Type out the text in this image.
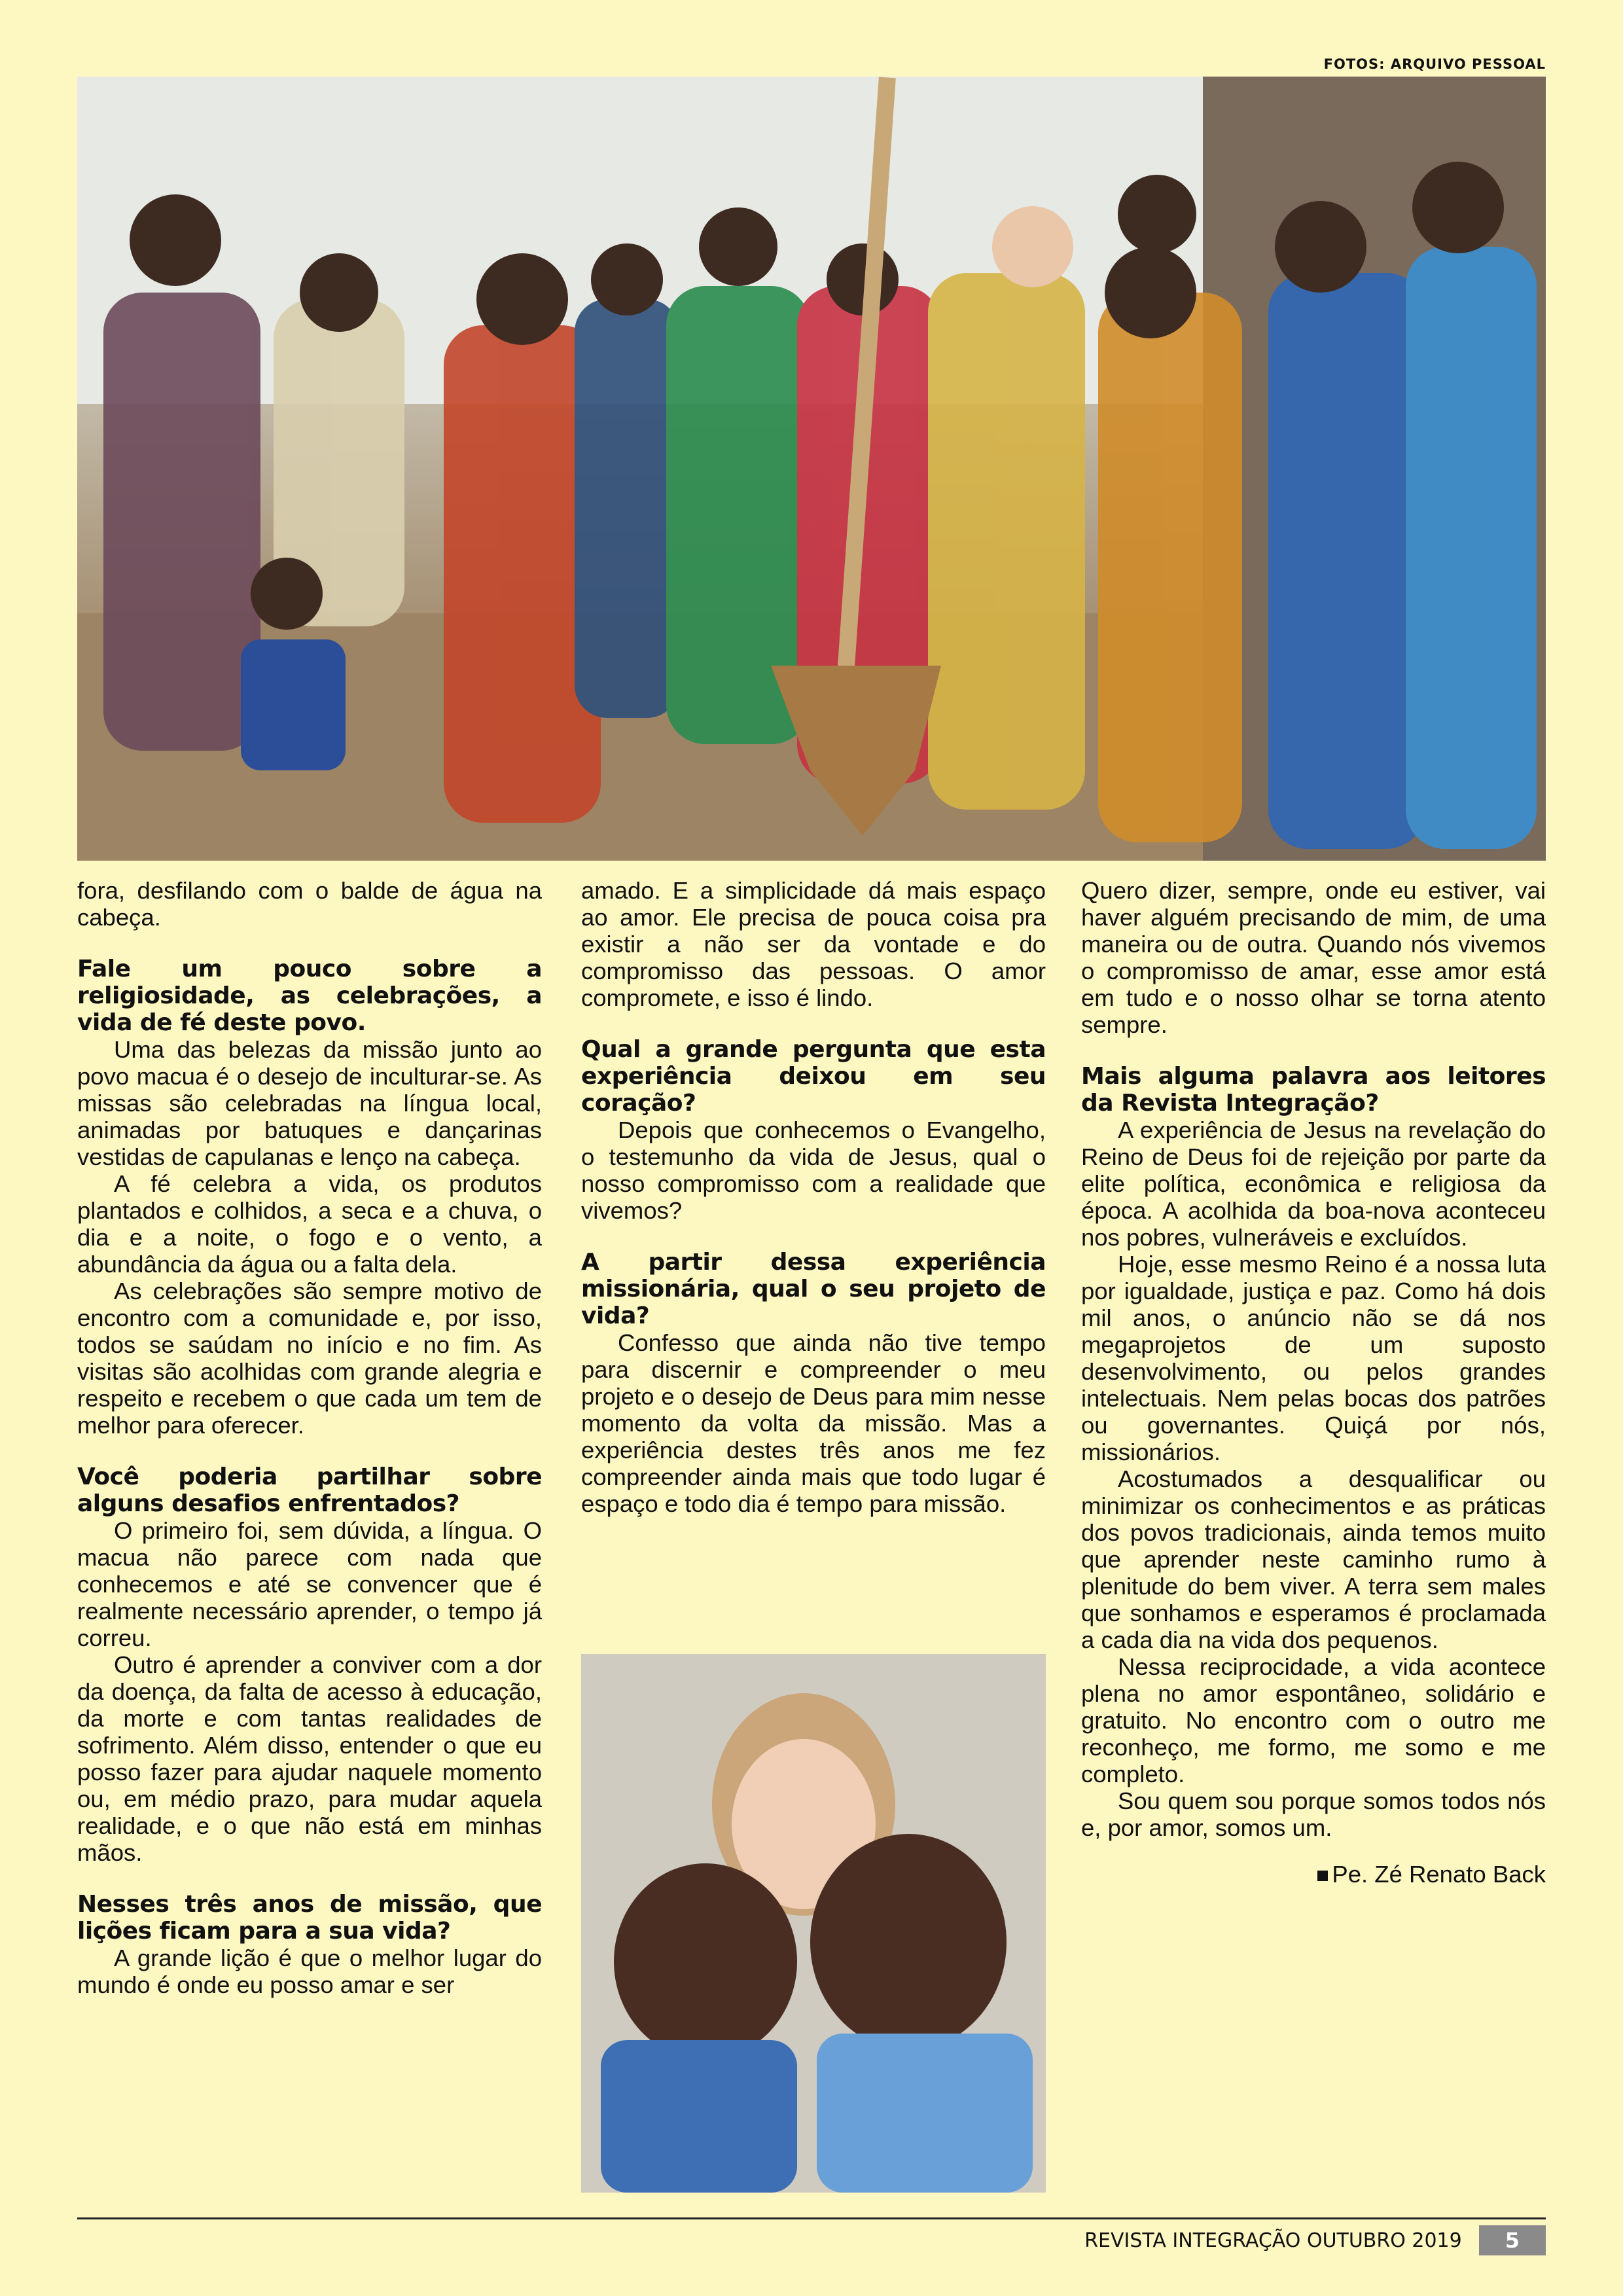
FOTOS: ARQUIVO PESSOAL

fora, desfilando com o balde de água na cabeça.

Fale um pouco sobre a religiosidade, as celebrações, a vida de fé deste povo.

Uma das belezas da missão junto ao povo macua é o desejo de inculturar-se. As missas são celebradas na língua local, animadas por batuques e dançarinas vestidas de capulanas e lenço na cabeça.

A fé celebra a vida, os produtos plantados e colhidos, a seca e a chuva, o dia e a noite, o fogo e o vento, a abundância da água ou a falta dela.

As celebrações são sempre motivo de encontro com a comunidade e, por isso, todos se saúdam no início e no fim. As visitas são acolhidas com grande alegria e respeito e recebem o que cada um tem de melhor para oferecer.

Você poderia partilhar sobre alguns desafios enfrentados?

O primeiro foi, sem dúvida, a língua. O macua não parece com nada que conhecemos e até se convencer que é realmente necessário aprender, o tempo já correu.

Outro é aprender a conviver com a dor da doença, da falta de acesso à educação, da morte e com tantas realidades de sofrimento. Além disso, entender o que eu posso fazer para ajudar naquele momento ou, em médio prazo, para mudar aquela realidade, e o que não está em minhas mãos.

Nesses três anos de missão, que lições ficam para a sua vida?

A grande lição é que o melhor lugar do mundo é onde eu posso amar e ser

amado. E a simplicidade dá mais espaço ao amor. Ele precisa de pouca coisa pra existir a não ser da vontade e do compromisso das pessoas. O amor compromete, e isso é lindo.

Qual a grande pergunta que esta experiência deixou em seu coração?

Depois que conhecemos o Evangelho, o testemunho da vida de Jesus, qual o nosso compromisso com a realidade que vivemos?

A partir dessa experiência missionária, qual o seu projeto de vida?

Confesso que ainda não tive tempo para discernir e compreender o meu projeto e o desejo de Deus para mim nesse momento da volta da missão. Mas a experiência destes três anos me fez compreender ainda mais que todo lugar é espaço e todo dia é tempo para missão.

Quero dizer, sempre, onde eu estiver, vai haver alguém precisando de mim, de uma maneira ou de outra. Quando nós vivemos o compromisso de amar, esse amor está em tudo e o nosso olhar se torna atento sempre.

Mais alguma palavra aos leitores da Revista Integração?

A experiência de Jesus na revelação do Reino de Deus foi de rejeição por parte da elite política, econômica e religiosa da época. A acolhida da boa-nova aconteceu nos pobres, vulneráveis e excluídos.

Hoje, esse mesmo Reino é a nossa luta por igualdade, justiça e paz. Como há dois mil anos, o anúncio não se dá nos megaprojetos de um suposto desenvolvimento, ou pelos grandes intelectuais. Nem pelas bocas dos patrões ou governantes. Quiçá por nós, missionários.

Acostumados a desqualificar ou minimizar os conhecimentos e as práticas dos povos tradicionais, ainda temos muito que aprender neste caminho rumo à plenitude do bem viver. A terra sem males que sonhamos e esperamos é proclamada a cada dia na vida dos pequenos.

Nessa reciprocidade, a vida acontece plena no amor espontâneo, solidário e gratuito. No encontro com o outro me reconheço, me formo, me somo e me completo.

Sou quem sou porque somos todos nós e, por amor, somos um.

Pe. Zé Renato Back
REVISTA INTEGRAÇÃO OUTUBRO 2019	5
